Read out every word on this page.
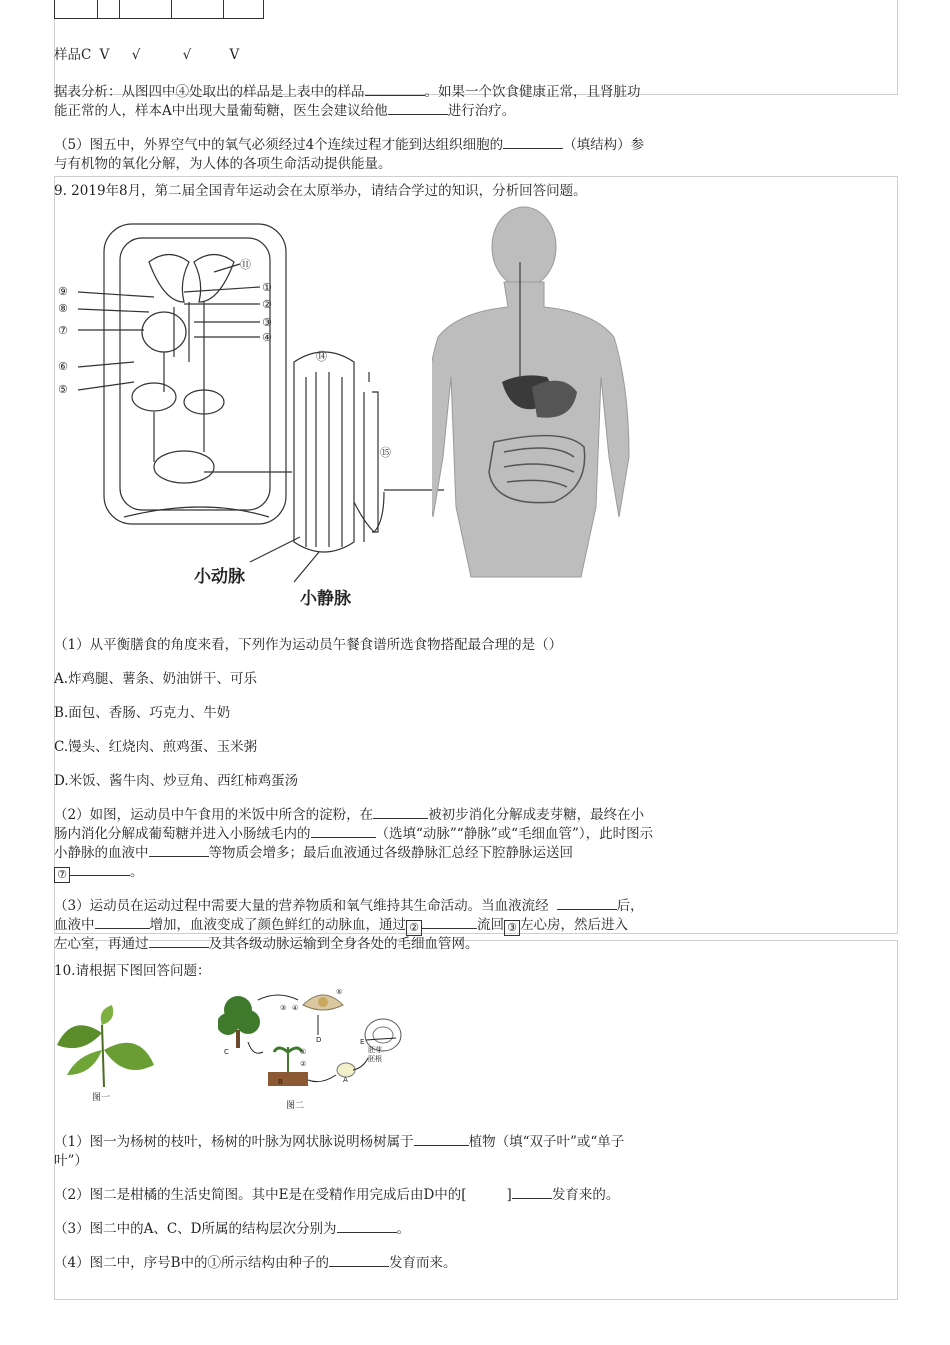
样品C V √	√	V
据表分析：从图四中④处取出的样品是上表中的样品	。如果一个饮食健康正常，且肾脏功
能正常的人，样本A中出现大量葡萄糖，医生会建议给他	进行治疗。
（5）图五中，外界空气中的氧气必须经过4个连续过程才能到达组织细胞的	（填结构）参
与有机物的氧化分解，为人体的各项生命活动提供能量。
9. 2019年8月，第二届全国青年运动会在太原举办，请结合学过的知识，分析回答问题。
⑪
①
②
③
④
⑨
⑧
⑦
⑥
⑤
⑭
⑮
小动脉
小静脉
（1）从平衡膳食的角度来看，下列作为运动员午餐食谱所选食物搭配最合理的是（）
A.炸鸡腿、薯条、奶油饼干、可乐
B.面包、香肠、巧克力、牛奶
C.馒头、红烧肉、煎鸡蛋、玉米粥
D.米饭、酱牛肉、炒豆角、西红柿鸡蛋汤
（2）如图，运动员中午食用的米饭中所含的淀粉，在	被初步消化分解成麦芽糖，最终在小
肠内消化分解成葡萄糖并进入小肠绒毛内的	（选填“动脉”“静脉”或“毛细血管”），此时图示
小静脉的血液中	等物质会增多；最后血液通过各级静脉汇总经下腔静脉运送回
⑦	。
（3）运动员在运动过程中需要大量的营养物质和氧气维持其生命活动。当血液流经	后，
血液中	增加，血液变成了颜色鲜红的动脉血，通过 ②	流回 ③ 左心房，然后进入
左心室，再通过	及其各级动脉运输到全身各处的毛细血管网。
10.请根据下图回答问题：
图一
③ ④
⑤
D	E
胚芽
胚根
A
B
①
②
C
图二
（1）图一为杨树的枝叶，杨树的叶脉为网状脉说明杨树属于	植物（填“双子叶”或“单子
叶”）
（2）图二是柑橘的生活史简图。其中E是在受精作用完成后由D中的[	]	发育来的。
（3）图二中的A、C、D所属的结构层次分别为	。
（4）图二中，序号B中的①所示结构由种子的	发育而来。
